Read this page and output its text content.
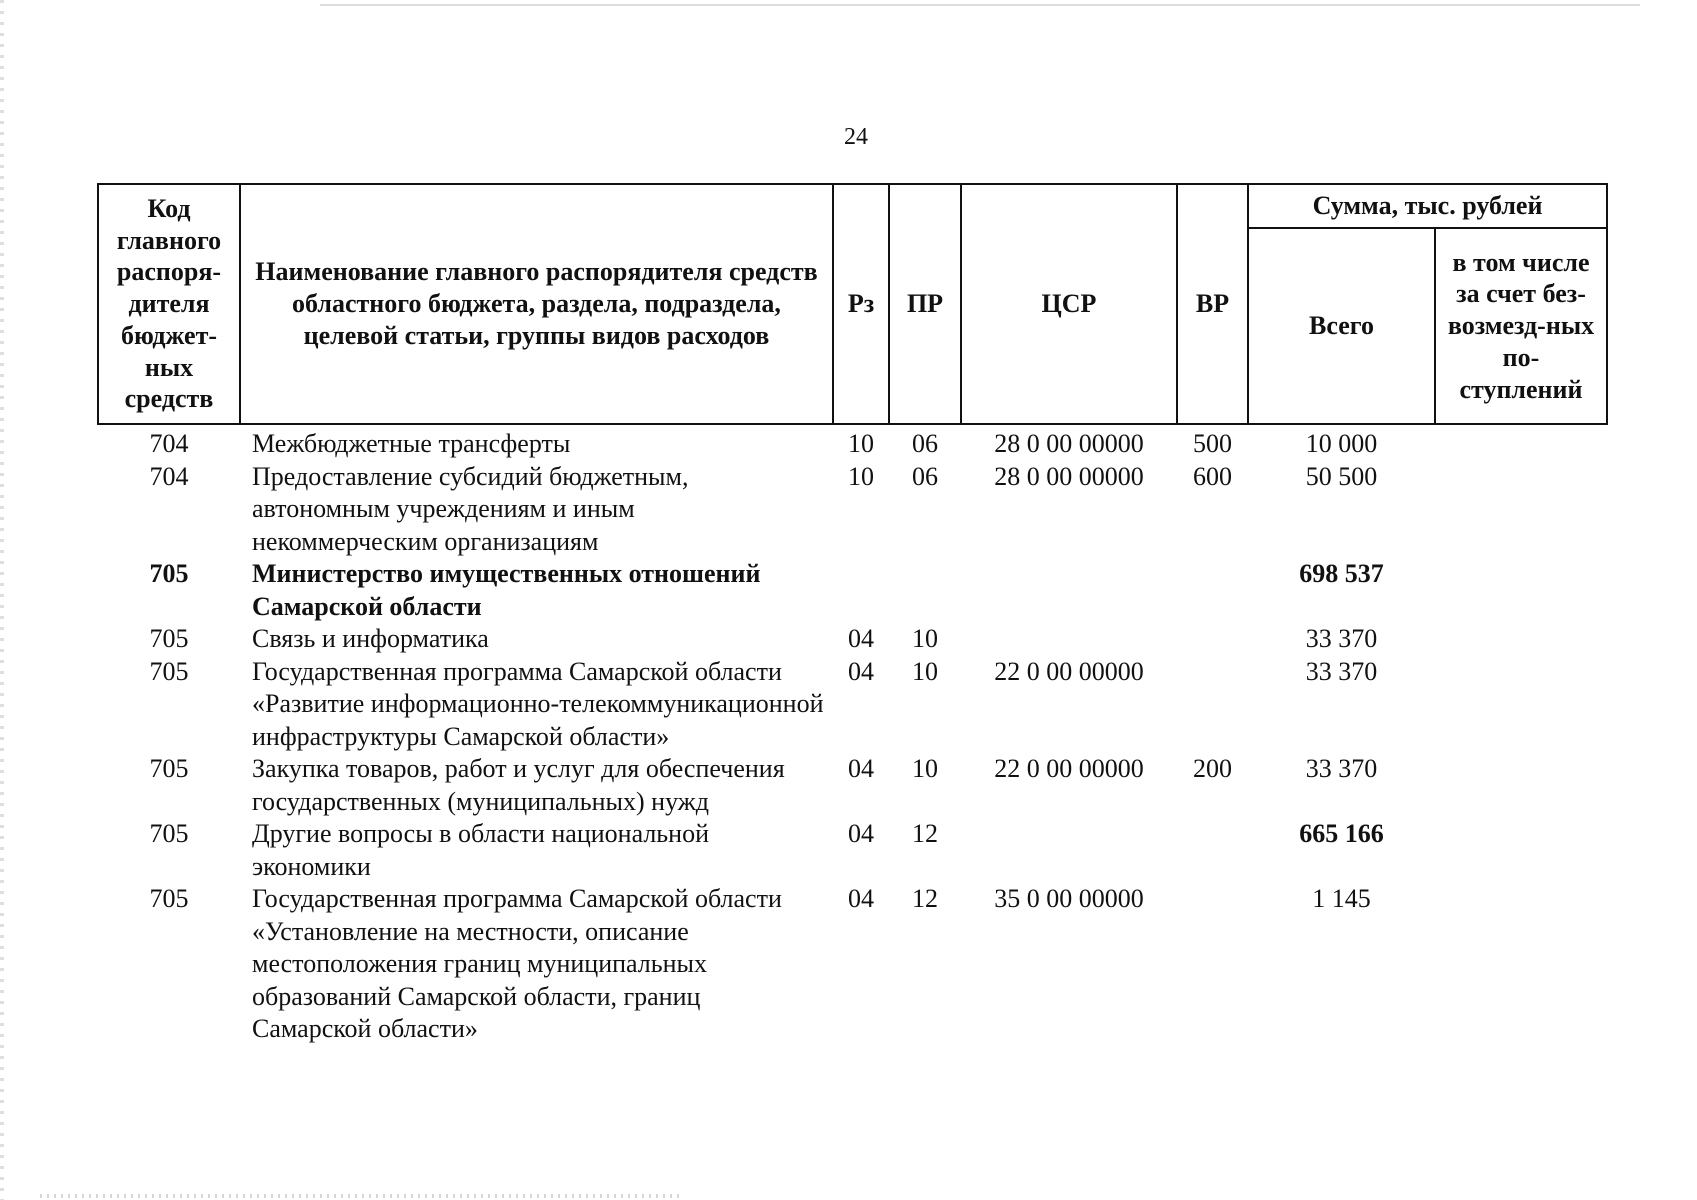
24
Код главного распоря-дителя бюджет-ных средств	Наименование главного распорядителя средств областного бюджета, раздела, подраздела, целевой статьи, группы видов расходов	Рз	ПР	ЦСР	ВР	Сумма, тыс. рублей	
						Всего	в том числе за счет без-возмезд-ных по-ступлений
704	Межбюджетные трансферты	10	06	28 0 00 00000	500	10 000	
704	Предоставление субсидий бюджетным, автономным учреждениям и иным некоммерческим организациям	10	06	28 0 00 00000	600	50 500	
705	Министерство имущественных отношений Самарской области					698 537	
705	Связь и информатика	04	10			33 370	
705	Государственная программа Самарской области «Развитие информационно-телекоммуникационной инфраструктуры Самарской области»	04	10	22 0 00 00000		33 370	
705	Закупка товаров, работ и услуг для обеспечения государственных (муниципальных) нужд	04	10	22 0 00 00000	200	33 370	
705	Другие вопросы в области национальной экономики	04	12			665 166	
705	Государственная программа Самарской области «Установление на местности, описание местоположения границ муниципальных образований Самарской области, границ Самарской области»	04	12	35 0 00 00000		1 145	
